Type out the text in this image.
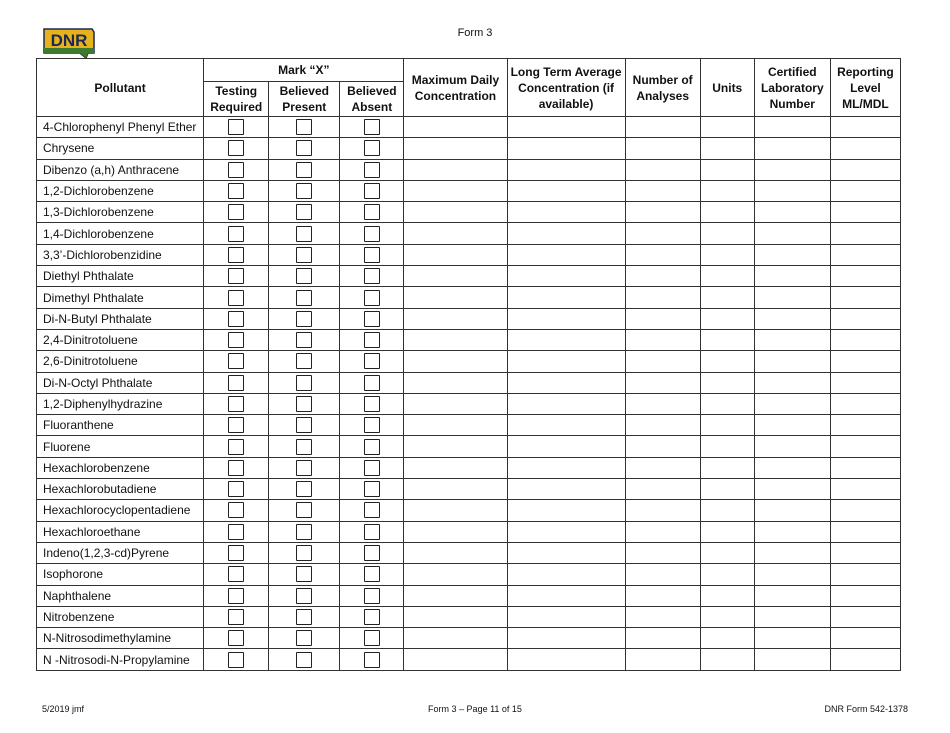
DNR	Form 3
Pollutant	Mark “X”			Maximum Daily Concentration	Long Term Average Concentration (if available)	Number of Analyses	Units	Certified Laboratory Number	Reporting Level ML/MDL
	Testing Required	Believed Present	Believed Absent						
4-Chlorophenyl Phenyl Ether									
Chrysene									
Dibenzo (a,h) Anthracene									
1,2-Dichlorobenzene									
1,3-Dichlorobenzene									
1,4-Dichlorobenzene									
3,3’-Dichlorobenzidine									
Diethyl Phthalate									
Dimethyl Phthalate									
Di-N-Butyl Phthalate									
2,4-Dinitrotoluene									
2,6-Dinitrotoluene									
Di-N-Octyl Phthalate									
1,2-Diphenylhydrazine									
Fluoranthene									
Fluorene									
Hexachlorobenzene									
Hexachlorobutadiene									
Hexachlorocyclopentadiene									
Hexachloroethane									
Indeno(1,2,3-cd)Pyrene									
Isophorone									
Naphthalene									
Nitrobenzene									
N-Nitrosodimethylamine									
N -Nitrosodi-N-Propylamine									
5/2019 jmf	Form 3 – Page 11 of 15	DNR Form 542-1378
